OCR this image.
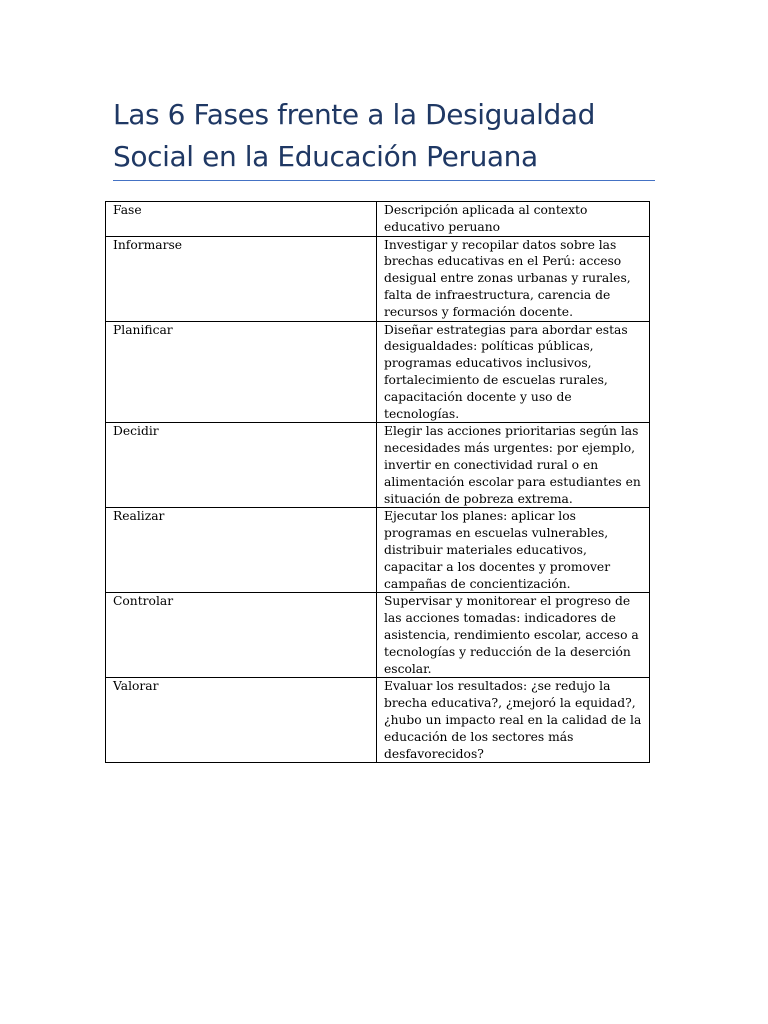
Las 6 Fases frente a la Desigualdad Social en la Educación Peruana
Fase	Descripción aplicada al contexto educativo peruano
Informarse	Investigar y recopilar datos sobre las brechas educativas en el Perú: acceso desigual entre zonas urbanas y rurales, falta de infraestructura, carencia de recursos y formación docente.
Planificar	Diseñar estrategias para abordar estas desigualdades: políticas públicas, programas educativos inclusivos, fortalecimiento de escuelas rurales, capacitación docente y uso de tecnologías.
Decidir	Elegir las acciones prioritarias según las necesidades más urgentes: por ejemplo, invertir en conectividad rural o en alimentación escolar para estudiantes en situación de pobreza extrema.
Realizar	Ejecutar los planes: aplicar los programas en escuelas vulnerables, distribuir materiales educativos, capacitar a los docentes y promover campañas de concientización.
Controlar	Supervisar y monitorear el progreso de las acciones tomadas: indicadores de asistencia, rendimiento escolar, acceso a tecnologías y reducción de la deserción escolar.
Valorar	Evaluar los resultados: ¿se redujo la brecha educativa?, ¿mejoró la equidad?, ¿hubo un impacto real en la calidad de la educación de los sectores más desfavorecidos?
